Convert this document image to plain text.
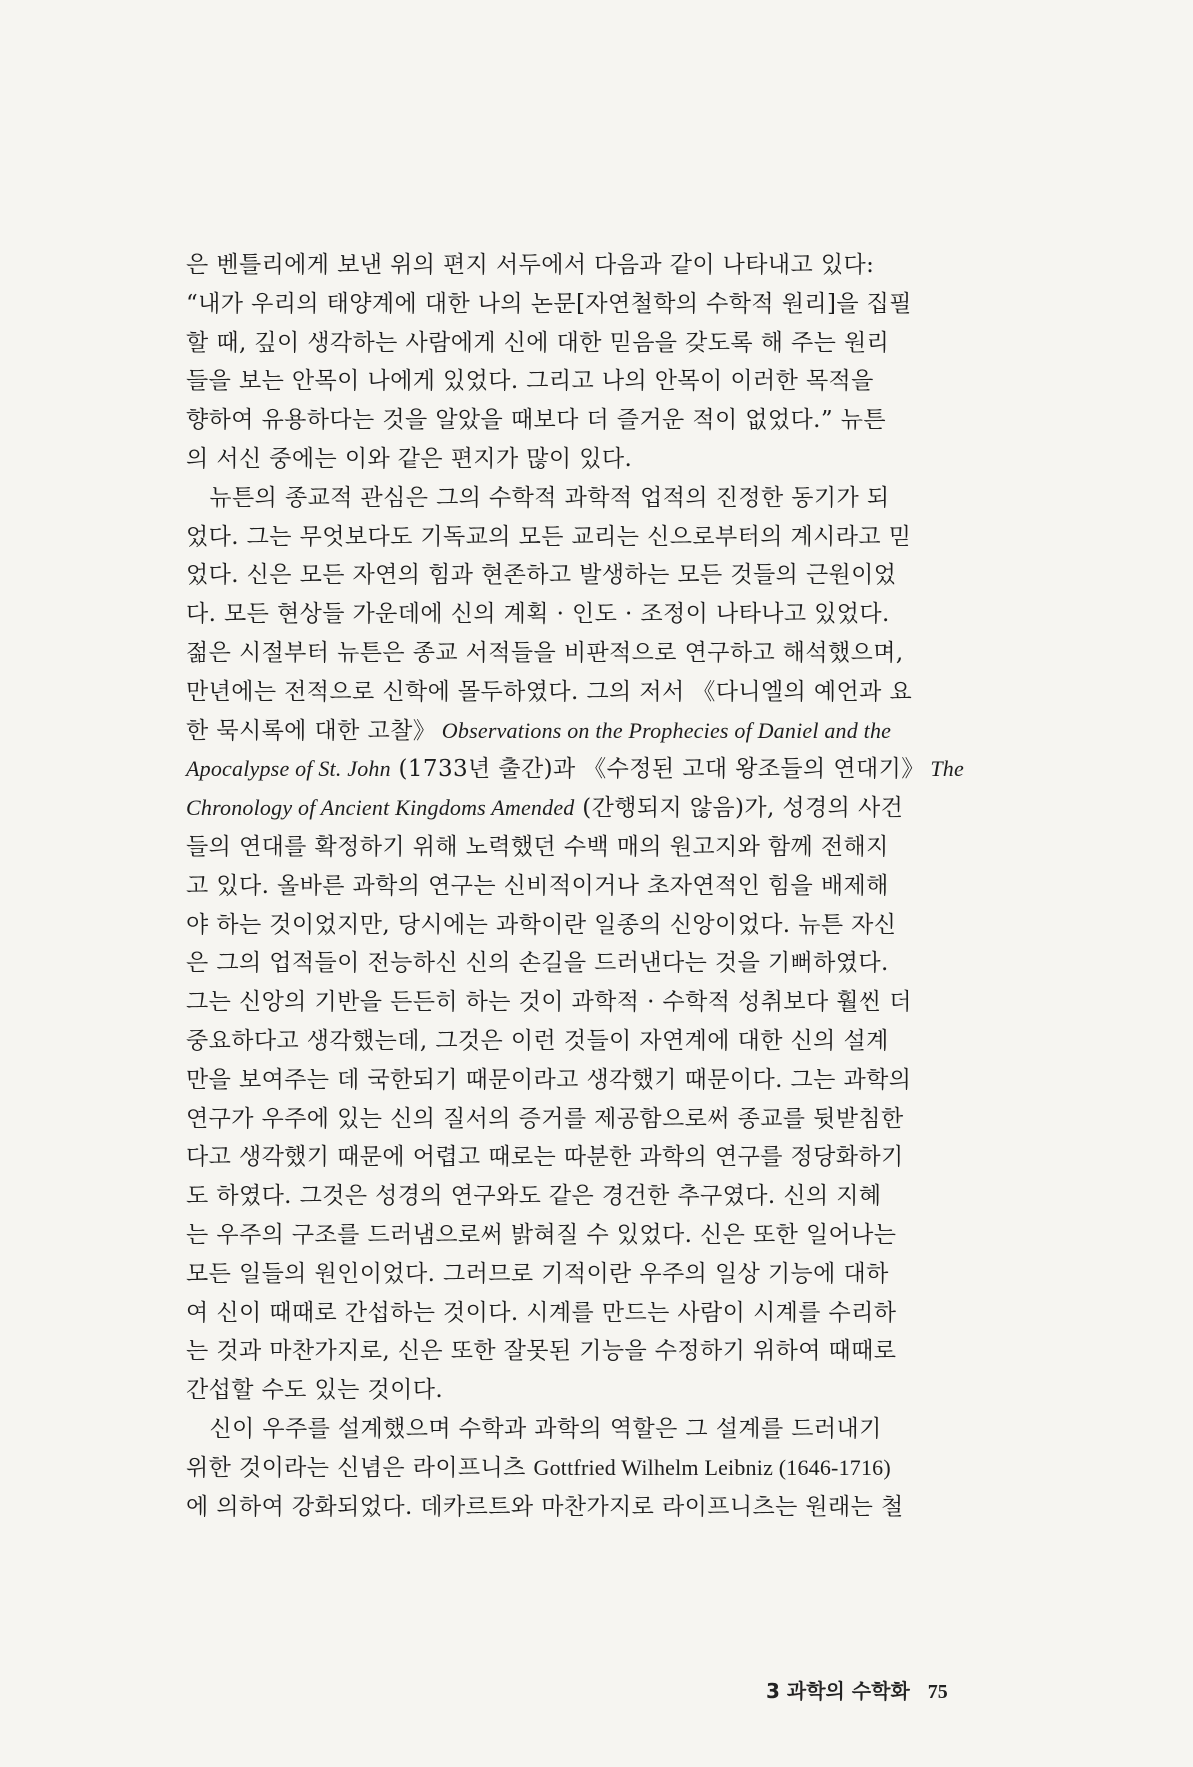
은 벤틀리에게 보낸 위의 편지 서두에서 다음과 같이 나타내고 있다:
“내가 우리의 태양계에 대한 나의 논문[자연철학의 수학적 원리]을 집필
할 때, 깊이 생각하는 사람에게 신에 대한 믿음을 갖도록 해 주는 원리
들을 보는 안목이 나에게 있었다. 그리고 나의 안목이 이러한 목적을
향하여 유용하다는 것을 알았을 때보다 더 즐거운 적이 없었다.” 뉴튼
의 서신 중에는 이와 같은 편지가 많이 있다.
　뉴튼의 종교적 관심은 그의 수학적 과학적 업적의 진정한 동기가 되
었다. 그는 무엇보다도 기독교의 모든 교리는 신으로부터의 계시라고 믿
었다. 신은 모든 자연의 힘과 현존하고 발생하는 모든 것들의 근원이었
다. 모든 현상들 가운데에 신의 계획 · 인도 · 조정이 나타나고 있었다.
젊은 시절부터 뉴튼은 종교 서적들을 비판적으로 연구하고 해석했으며,
만년에는 전적으로 신학에 몰두하였다. 그의 저서 《다니엘의 예언과 요
한 묵시록에 대한 고찰》 Observations on the Prophecies of Daniel and the
Apocalypse of St. John (1733년 출간)과 《수정된 고대 왕조들의 연대기》 The
Chronology of Ancient Kingdoms Amended (간행되지 않음)가, 성경의 사건
들의 연대를 확정하기 위해 노력했던 수백 매의 원고지와 함께 전해지
고 있다. 올바른 과학의 연구는 신비적이거나 초자연적인 힘을 배제해
야 하는 것이었지만, 당시에는 과학이란 일종의 신앙이었다. 뉴튼 자신
은 그의 업적들이 전능하신 신의 손길을 드러낸다는 것을 기뻐하였다.
그는 신앙의 기반을 든든히 하는 것이 과학적 · 수학적 성취보다 훨씬 더
중요하다고 생각했는데, 그것은 이런 것들이 자연계에 대한 신의 설계
만을 보여주는 데 국한되기 때문이라고 생각했기 때문이다. 그는 과학의
연구가 우주에 있는 신의 질서의 증거를 제공함으로써 종교를 뒷받침한
다고 생각했기 때문에 어렵고 때로는 따분한 과학의 연구를 정당화하기
도 하였다. 그것은 성경의 연구와도 같은 경건한 추구였다. 신의 지혜
는 우주의 구조를 드러냄으로써 밝혀질 수 있었다. 신은 또한 일어나는
모든 일들의 원인이었다. 그러므로 기적이란 우주의 일상 기능에 대하
여 신이 때때로 간섭하는 것이다. 시계를 만드는 사람이 시계를 수리하
는 것과 마찬가지로, 신은 또한 잘못된 기능을 수정하기 위하여 때때로
간섭할 수도 있는 것이다.
　신이 우주를 설계했으며 수학과 과학의 역할은 그 설계를 드러내기
위한 것이라는 신념은 라이프니츠 Gottfried Wilhelm Leibniz (1646-1716)
에 의하여 강화되었다. 데카르트와 마찬가지로 라이프니츠는 원래는 철
3 과학의 수학화 75
